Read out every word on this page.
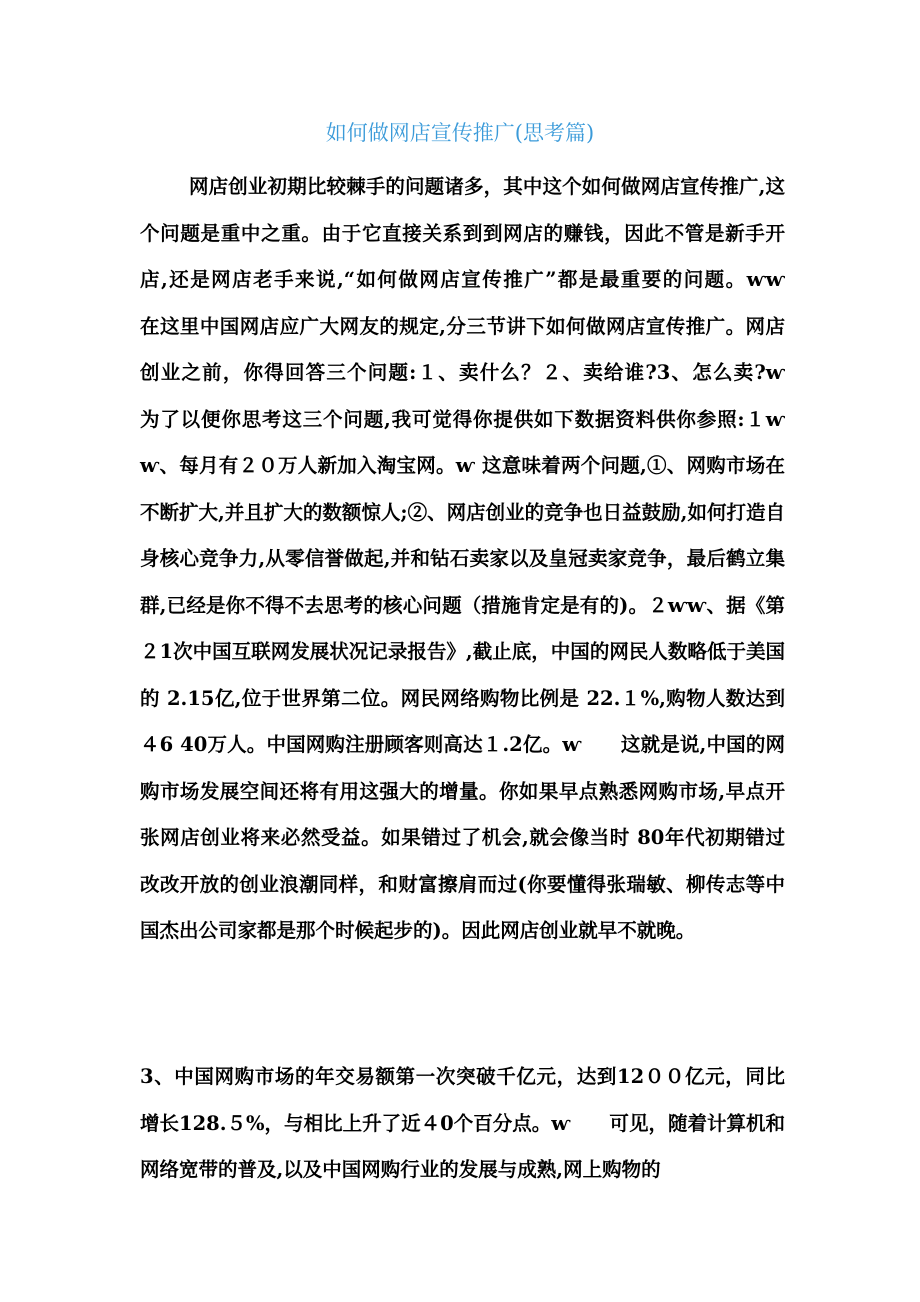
如何做网店宣传推广(思考篇)

网店创业初期比较棘手的问题诸多，其中这个如何做网店宣传推广,这个问题是重中之重。由于它直接关系到到网店的赚钱，因此不管是新手开店,还是网店老手来说,“如何做网店宣传推广”都是最重要的问题。ⱳⱳ　　　在这里中国网店应广大网友的规定,分三节讲下如何做网店宣传推广。网店创业之前，你得回答三个问题:１、卖什么？２、卖给谁?3、怎么卖?ⱳ　　　为了以便你思考这三个问题,我可觉得你提供如下数据资料供你参照:１ⱳⱳ、每月有２０万人新加入淘宝网。ⱳ 这意味着两个问题,①、网购市场在不断扩大,并且扩大的数额惊人;②、网店创业的竞争也日益鼓励,如何打造自身核心竞争力,从零信誉做起,并和钻石卖家以及皇冠卖家竞争，最后鹤立集群,已经是你不得不去思考的核心问题（措施肯定是有的)。２ⱳⱳ、据《第２1次中国互联网发展状况记录报告》,截止底，中国的网民人数略低于美国的 2.15亿,位于世界第二位。网民网络购物比例是 22.１%,购物人数达到４6 40万人。中国网购注册顾客则高达１.2亿。ⱳ　　这就是说,中国的网购市场发展空间还将有用这强大的增量。你如果早点熟悉网购市场,早点开张网店创业将来必然受益。如果错过了机会,就会像当时 80年代初期错过改改开放的创业浪潮同样，和财富擦肩而过(你要懂得张瑞敏、柳传志等中国杰出公司家都是那个时候起步的)。因此网店创业就早不就晚。

3、中国网购市场的年交易额第一次突破千亿元，达到12００亿元，同比增长128.５%，与相比上升了近４0个百分点。ⱳ　　可见，随着计算机和网络宽带的普及,以及中国网购行业的发展与成熟,网上购物的
